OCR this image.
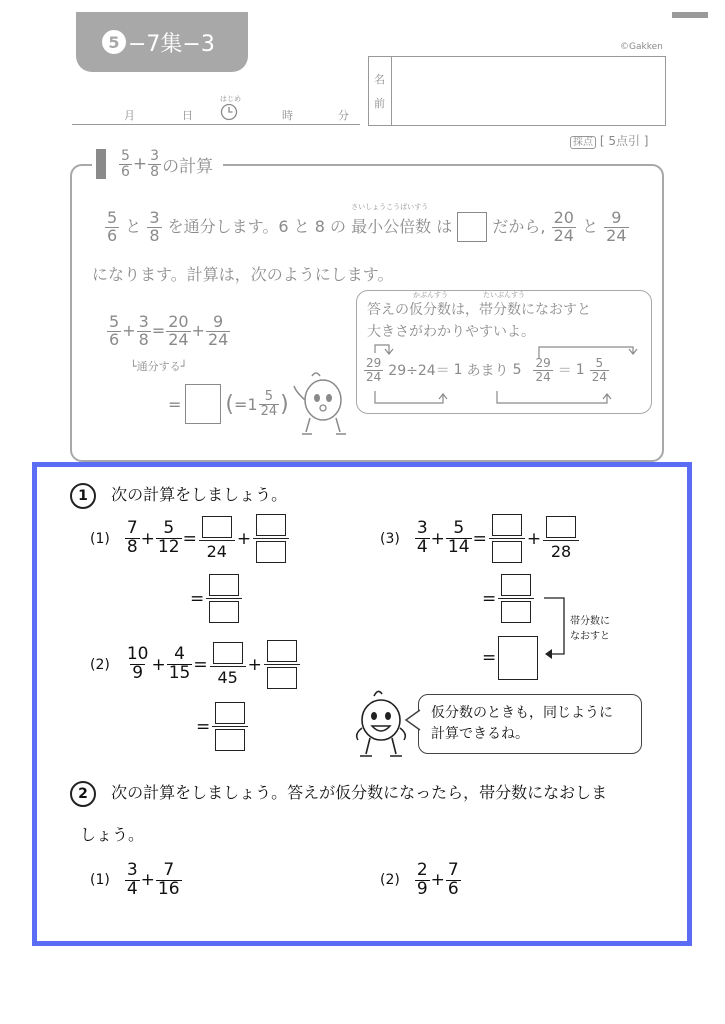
5 −7集−3	©Gakken
月	日
はじめ
時	分
名
前
採点 [ 5点引 ]
$\frac{5}{6} + \frac{3}{8}$ の計算
$\frac{5}{6}$ と $\frac{3}{8}$ を通分します。6 と 8 の
さいしょうこうばいすう
最小公倍数 は	だから, $\frac{20}{24}$ と $\frac{9}{24}$
になります。計算は，次のようにします。
$\frac{5}{6} + \frac{3}{8} = \frac{20}{24} + \frac{9}{24}$
└通分する┘
= ( = $1 \frac{5}{24}$ )
答えの
かぶんすう
仮分数は，
たいぶんすう
帯分数になおすと
大きさがわかりやすいよ。
$\frac{29}{24} 29\div 24= 1$ あまり $5 \frac{29}{24} = 1 \frac{5}{24}$
1 次の計算をしましょう。
$(1) \frac{7}{8} + \frac{5}{12}$ =
24
+
=
$(2) \frac{10}{9} + \frac{4}{15}$ =
45
+
=
$(3) \frac{3}{4} + \frac{5}{14}$ =
+
28
=
=
帯分数に
なおすと
仮分数のときも，同じように
計算できるね。
2 次の計算をしましょう。答えが仮分数になったら，帯分数になおしま
しょう。
$(1) \frac{3}{4} + \frac{7}{16}$	$(2) \frac{2}{9} + \frac{7}{6}$
